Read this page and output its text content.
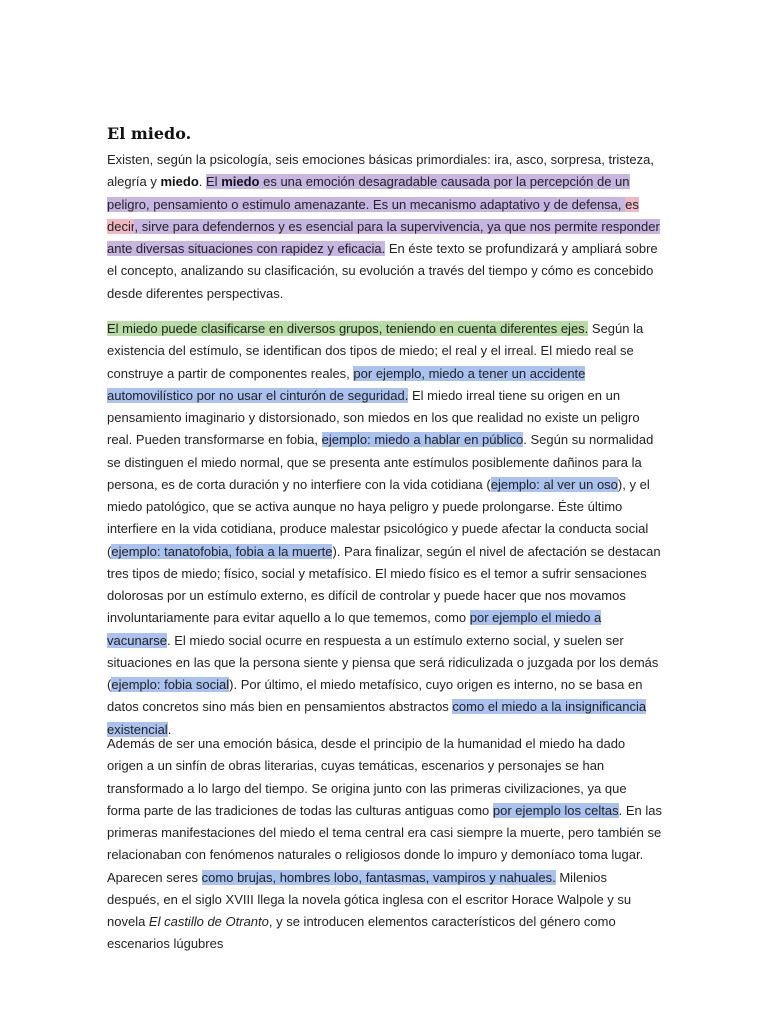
El miedo.

Existen, según la psicología, seis emociones básicas primordiales: ira, asco, sorpresa, tristeza, alegría y miedo. El miedo es una emoción desagradable causada por la percepción de un peligro, pensamiento o estimulo amenazante. Es un mecanismo adaptativo y de defensa, es decir, sirve para defendernos y es esencial para la supervivencia, ya que nos permite responder ante diversas situaciones con rapidez y eficacia. En éste texto se profundizará y ampliará sobre el concepto, analizando su clasificación, su evolución a través del tiempo y cómo es concebido desde diferentes perspectivas.

El miedo puede clasificarse en diversos grupos, teniendo en cuenta diferentes ejes. Según la existencia del estímulo, se identifican dos tipos de miedo; el real y el irreal. El miedo real se construye a partir de componentes reales, por ejemplo, miedo a tener un accidente automovilístico por no usar el cinturón de seguridad. El miedo irreal tiene su origen en un pensamiento imaginario y distorsionado, son miedos en los que realidad no existe un peligro real. Pueden transformarse en fobia, ejemplo: miedo a hablar en público. Según su normalidad se distinguen el miedo normal, que se presenta ante estímulos posiblemente dañinos para la persona, es de corta duración y no interfiere con la vida cotidiana (ejemplo: al ver un oso), y el miedo patológico, que se activa aunque no haya peligro y puede prolongarse. Éste último interfiere en la vida cotidiana, produce malestar psicológico y puede afectar la conducta social (ejemplo: tanatofobia, fobia a la muerte). Para finalizar, según el nivel de afectación se destacan tres tipos de miedo; físico, social y metafísico. El miedo físico es el temor a sufrir sensaciones dolorosas por un estímulo externo, es difícil de controlar y puede hacer que nos movamos involuntariamente para evitar aquello a lo que tememos, como por ejemplo el miedo a vacunarse. El miedo social ocurre en respuesta a un estímulo externo social, y suelen ser situaciones en las que la persona siente y piensa que será ridiculizada o juzgada por los demás (ejemplo: fobia social). Por último, el miedo metafísico, cuyo origen es interno, no se basa en datos concretos sino más bien en pensamientos abstractos como el miedo a la insignificancia existencial.

Además de ser una emoción básica, desde el principio de la humanidad el miedo ha dado origen a un sinfín de obras literarias, cuyas temáticas, escenarios y personajes se han transformado a lo largo del tiempo. Se origina junto con las primeras civilizaciones, ya que forma parte de las tradiciones de todas las culturas antiguas como por ejemplo los celtas. En las primeras manifestaciones del miedo el tema central era casi siempre la muerte, pero también se relacionaban con fenómenos naturales o religiosos donde lo impuro y demoníaco toma lugar. Aparecen seres como brujas, hombres lobo, fantasmas, vampiros y nahuales. Milenios después, en el siglo XVIII llega la novela gótica inglesa con el escritor Horace Walpole y su novela El castillo de Otranto, y se introducen elementos característicos del género como escenarios lúgubres
